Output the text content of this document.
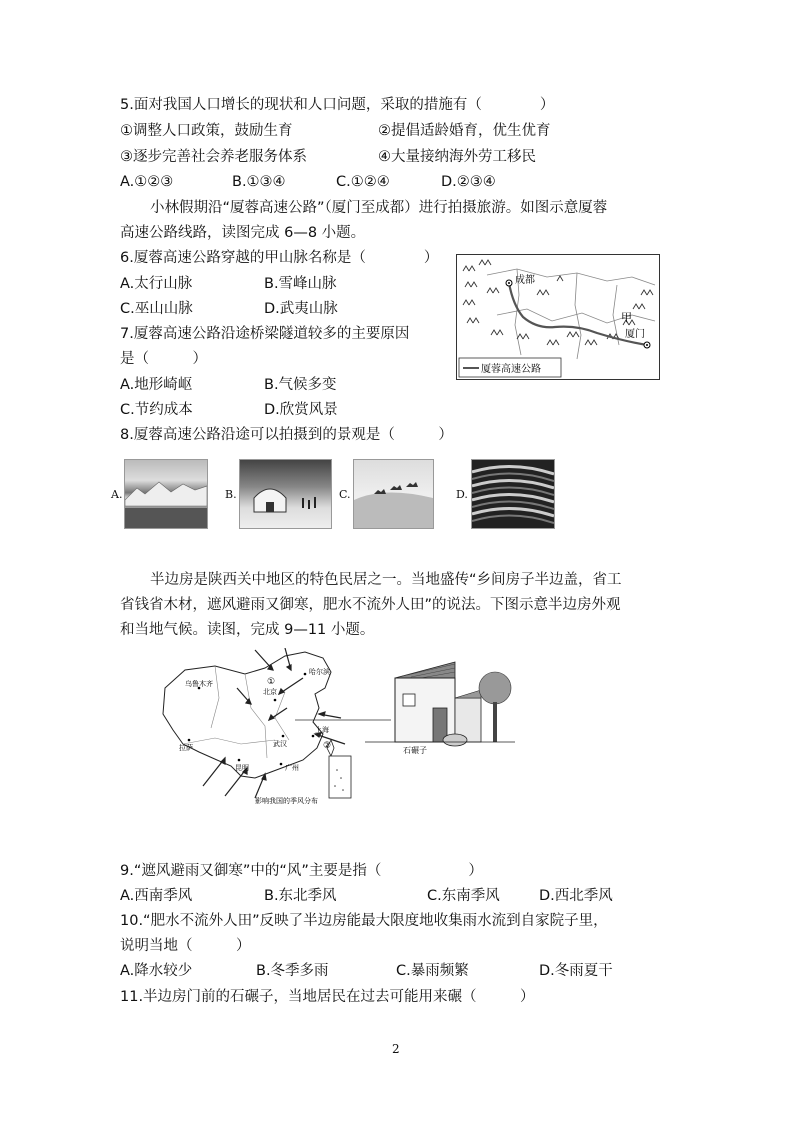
5.面对我国人口增长的现状和人口问题，采取的措施有（　　　　）
①调整人口政策，鼓励生育	②提倡适龄婚育，优生优育
③逐步完善社会养老服务体系	④大量接纳海外劳工移民
A.①②③	B.①③④	C.①②④	D.②③④
小林假期沿“厦蓉高速公路”（厦门至成都）进行拍摄旅游。如图示意厦蓉
高速公路线路，读图完成 6—8 小题。
6.厦蓉高速公路穿越的甲山脉名称是（　　　　）
A.太行山脉	B.雪峰山脉
C.巫山山脉	D.武夷山脉
7.厦蓉高速公路沿途桥梁隧道较多的主要原因
是（　　　）
A.地形崎岖	B.气候多变
C.节约成本	D.欣赏风景
成都
厦门
甲
厦蓉高速公路
8.厦蓉高速公路沿途可以拍摄到的景观是（　　　）
A.	B.	C.	D.
半边房是陕西关中地区的特色民居之一。当地盛传“乡间房子半边盖，省工
省钱省木材，遮风避雨又御寒，肥水不流外人田”的说法。下图示意半边房外观
和当地气候。读图，完成 9—11 小题。
①
②
乌鲁木齐
哈尔滨
北京
拉萨	武汉
上海
昆明	广州
影响我国的季风分布
石碾子
9.“遮风避雨又御寒”中的“风”主要是指（　　　　　　）
A.西南季风	B.东北季风	C.东南季风	D.西北季风
10.“肥水不流外人田”反映了半边房能最大限度地收集雨水流到自家院子里，
说明当地（　　　）
A.降水较少	B.冬季多雨	C.暴雨频繁	D.冬雨夏干
11.半边房门前的石碾子，当地居民在过去可能用来碾（　　　）
2
